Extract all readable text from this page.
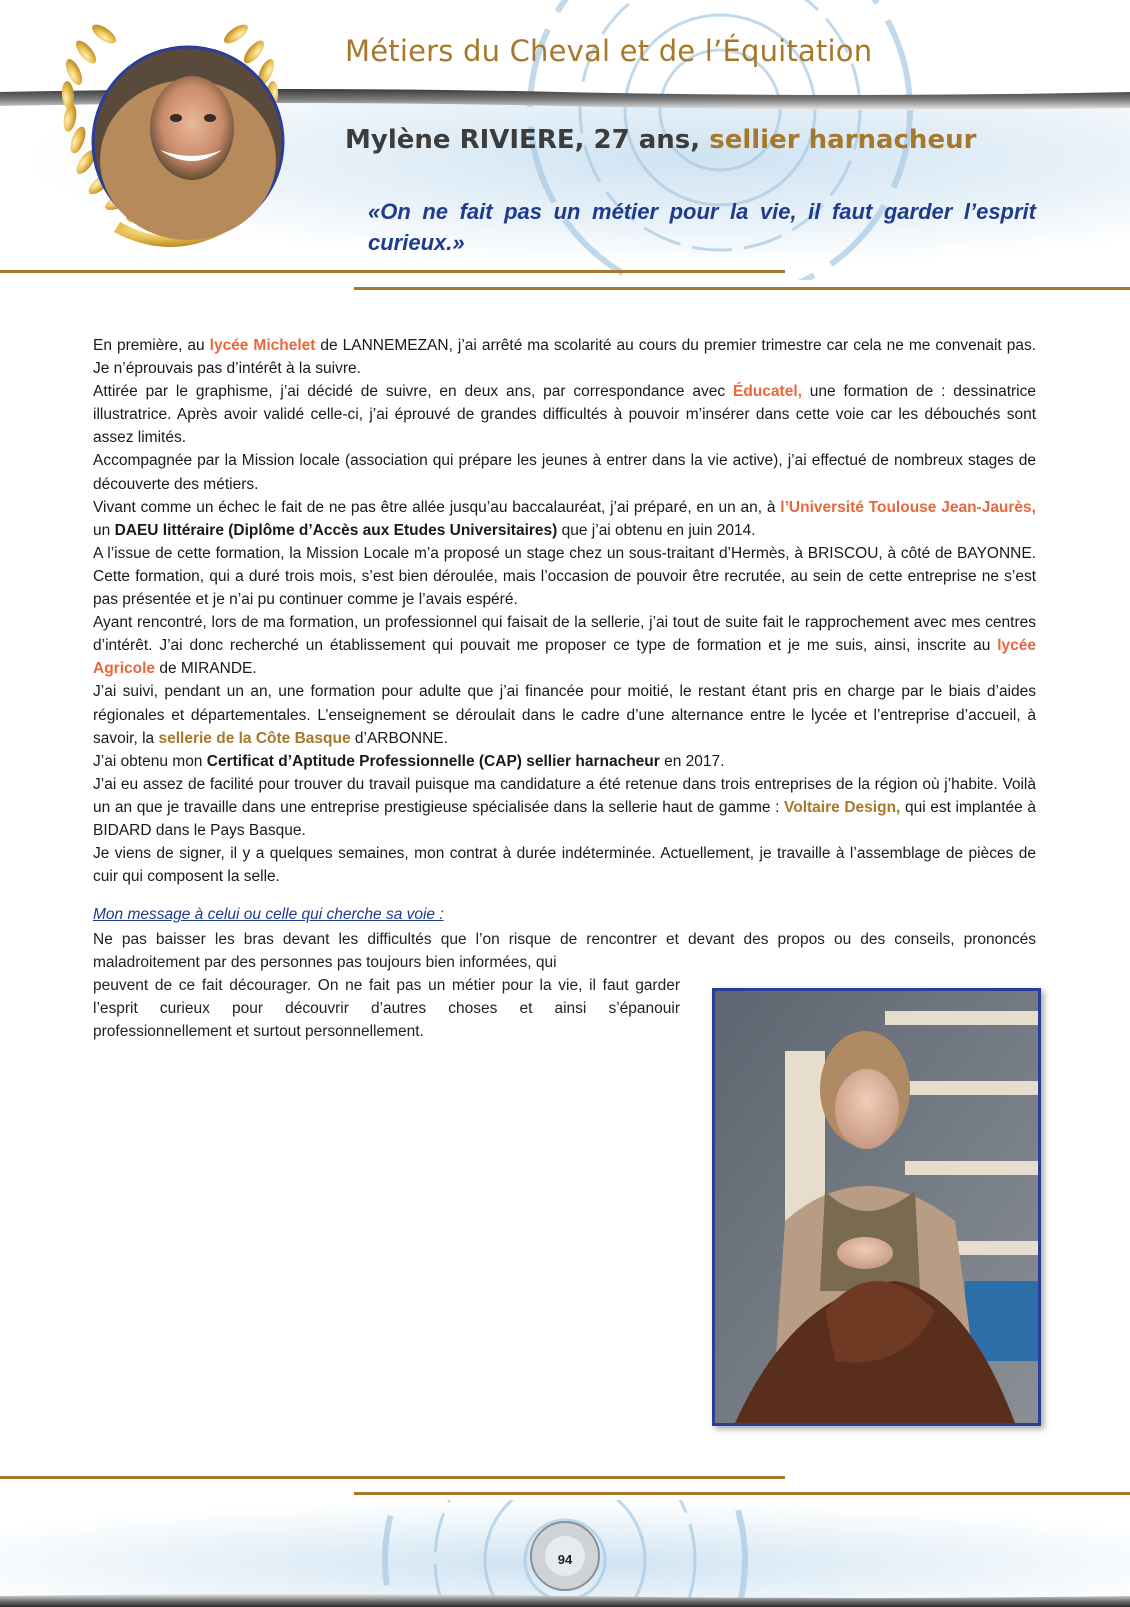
Métiers du Cheval et de l’Équitation
Mylène RIVIERE, 27 ans, sellier harnacheur
«On ne fait pas un métier pour la vie, il faut garder l’esprit curieux.»

En première, au lycée Michelet de LANNEMEZAN, j’ai arrêté ma scolarité au cours du premier trimestre car cela ne me convenait pas. Je n’éprouvais pas d’intérêt à la suivre.

Attirée par le graphisme, j’ai décidé de suivre, en deux ans, par correspondance avec Éducatel, une formation de : dessinatrice illustratrice. Après avoir validé celle-ci, j’ai éprouvé de grandes difficultés à pouvoir m’insérer dans cette voie car les débouchés sont assez limités.

Accompagnée par la Mission locale (association qui prépare les jeunes à entrer dans la vie active), j’ai effectué de nombreux stages de découverte des métiers.

Vivant comme un échec le fait de ne pas être allée jusqu’au baccalauréat, j’ai préparé, en un an, à l’Université Toulouse Jean-Jaurès, un DAEU littéraire (Diplôme d’Accès aux Etudes Universitaires) que j’ai obtenu en juin 2014.

A l’issue de cette formation, la Mission Locale m’a proposé un stage chez un sous-traitant d’Hermès, à BRISCOU, à côté de BAYONNE. Cette formation, qui a duré trois mois, s’est bien déroulée, mais l’occasion de pouvoir être recrutée, au sein de cette entreprise ne s’est pas présentée et je n’ai pu continuer comme je l’avais espéré.

Ayant rencontré, lors de ma formation, un professionnel qui faisait de la sellerie, j’ai tout de suite fait le rapprochement avec mes centres d’intérêt. J’ai donc recherché un établissement qui pouvait me proposer ce type de formation et je me suis, ainsi, inscrite au lycée Agricole de MIRANDE.

J’ai suivi, pendant un an, une formation pour adulte que j’ai financée pour moitié, le restant étant pris en charge par le biais d’aides régionales et départementales. L’enseignement se déroulait dans le cadre d’une alternance entre le lycée et l’entreprise d’accueil, à savoir, la sellerie de la Côte Basque d’ARBONNE.

J’ai obtenu mon Certificat d’Aptitude Professionnelle (CAP) sellier harnacheur en 2017.

J’ai eu assez de facilité pour trouver du travail puisque ma candidature a été retenue dans trois entreprises de la région où j’habite. Voilà un an que je travaille dans une entreprise prestigieuse spécialisée dans la sellerie haut de gamme : Voltaire Design, qui est implantée à BIDARD dans le Pays Basque.

Je viens de signer, il y a quelques semaines, mon contrat à durée indéterminée. Actuellement, je travaille à l’assemblage de pièces de cuir qui composent la selle.

Mon message à celui ou celle qui cherche sa voie :

Ne pas baisser les bras devant les difficultés que l’on risque de rencontrer et devant des propos ou des conseils, prononcés maladroitement par des personnes pas toujours bien informées, qui

peuvent de ce fait décourager. On ne fait pas un métier pour la vie, il faut garder l’esprit curieux pour découvrir d’autres choses et ainsi s’épanouir professionnellement et surtout personnellement.

94
